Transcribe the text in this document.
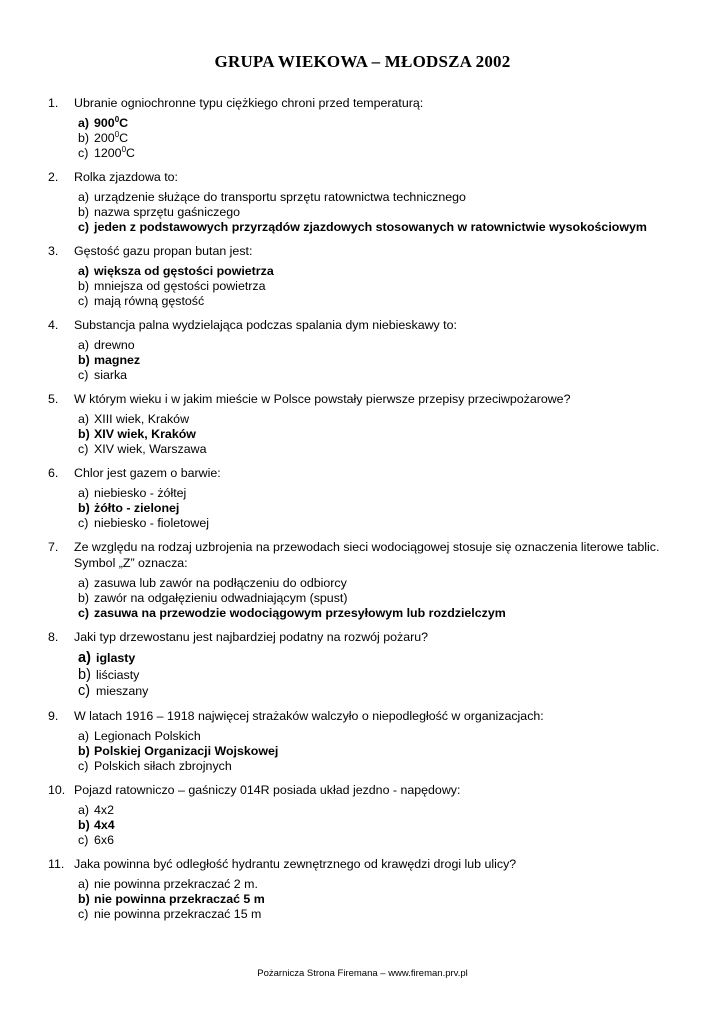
GRUPA WIEKOWA – MŁODSZA 2002
1.	Ubranie ogniochronne typu ciężkiego chroni przed temperaturą:
a) $900^0C$
b) $200^0C$
c) 1200$^0$C
2.	Rolka zjazdowa to:
a) urządzenie służące do transportu sprzętu ratownictwa technicznego
b) nazwa sprzętu gaśniczego
c) jeden z podstawowych przyrządów zjazdowych stosowanych w ratownictwie wysokościowym
3.	Gęstość gazu propan butan jest:
a) większa od gęstości powietrza
b) mniejsza od gęstości powietrza
c) mają równą gęstość
4.	Substancja palna wydzielająca podczas spalania dym niebieskawy to:
a) drewno
b) magnez
c) siarka
5.	W którym wieku i w jakim mieście w Polsce powstały pierwsze przepisy przeciwpożarowe?
a) XIII wiek, Kraków
b) XIV wiek, Kraków
c) XIV wiek, Warszawa
6.	Chlor jest gazem o barwie:
a) niebiesko - żółtej
b) żółto - zielonej
c) niebiesko - fioletowej
7.	Ze względu na rodzaj uzbrojenia na przewodach sieci wodociągowej stosuje się oznaczenia literowe tablic. Symbol „Z” oznacza:
a) zasuwa lub zawór na podłączeniu do odbiorcy
b) zawór na odgałęzieniu odwadniającym (spust)
c) zasuwa na przewodzie wodociągowym przesyłowym lub rozdzielczym
8.	Jaki typ drzewostanu jest najbardziej podatny na rozwój pożaru?
a) iglasty
b) liściasty
c) mieszany
9.	W latach 1916 – 1918 najwięcej strażaków walczyło o niepodległość w organizacjach:
a) Legionach Polskich
b) Polskiej Organizacji Wojskowej
c) Polskich siłach zbrojnych
10. Pojazd ratowniczo – gaśniczy 014R posiada układ jezdno - napędowy:
a) 4x2
b) 4x4
c) 6x6
11. Jaka powinna być odległość hydrantu zewnętrznego od krawędzi drogi lub ulicy?
a) nie powinna przekraczać 2 m.
b) nie powinna przekraczać 5 m
c) nie powinna przekraczać 15 m
Pożarnicza Strona Firemana – www.fireman.prv.pl
